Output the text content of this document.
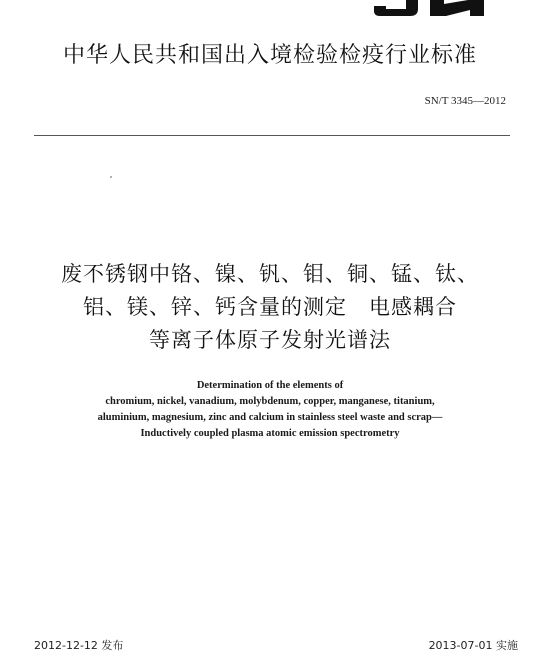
中华人民共和国出入境检验检疫行业标准
SN/T 3345—2012
废不锈钢中铬、镍、钒、钼、铜、锰、钛、
铝、镁、锌、钙含量的测定　电感耦合
等离子体原子发射光谱法
Determination of the elements of
chromium, nickel, vanadium, molybdenum, copper, manganese, titanium,
aluminium, magnesium, zinc and calcium in stainless steel waste and scrap—
Inductively coupled plasma atomic emission spectrometry
2012-12-12 发布	2013-07-01 实施
